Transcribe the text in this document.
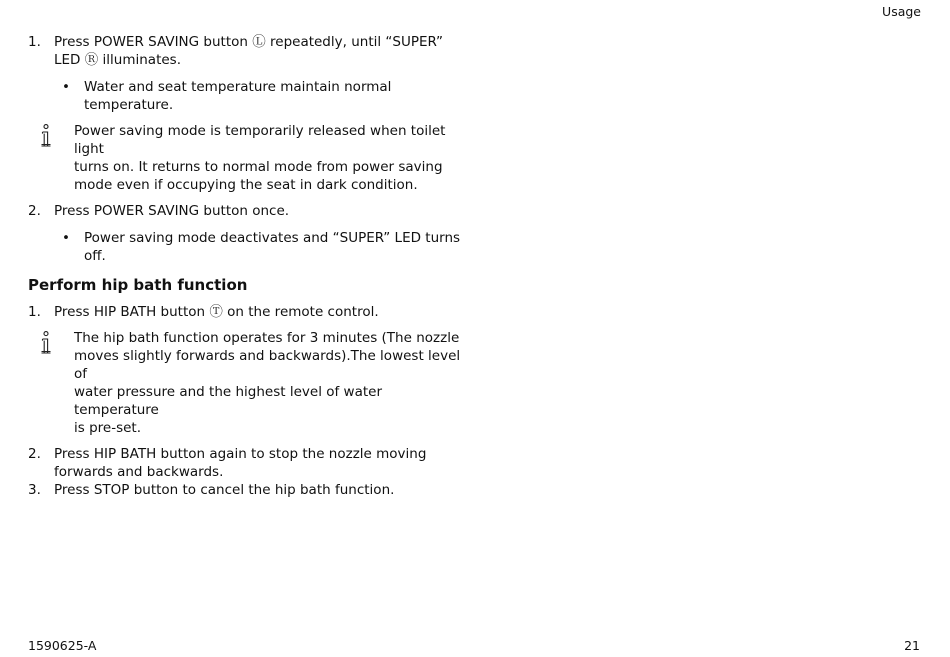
Usage
1. Press POWER SAVING button Ⓛ repeatedly, until “SUPER”
LED Ⓡ illuminates.
• Water and seat temperature maintain normal temperature.
Power saving mode is temporarily released when toilet light
turns on. It returns to normal mode from power saving
mode even if occupying the seat in dark condition.
2. Press POWER SAVING button once.
• Power saving mode deactivates and “SUPER” LED turns off.
Perform hip bath function
1. Press HIP BATH button Ⓣ on the remote control.
The hip bath function operates for 3 minutes (The nozzle
moves slightly forwards and backwards).The lowest level of
water pressure and the highest level of water temperature
is pre-set.
2. Press HIP BATH button again to stop the nozzle moving
forwards and backwards.
3. Press STOP button to cancel the hip bath function.
1590625-A	21
